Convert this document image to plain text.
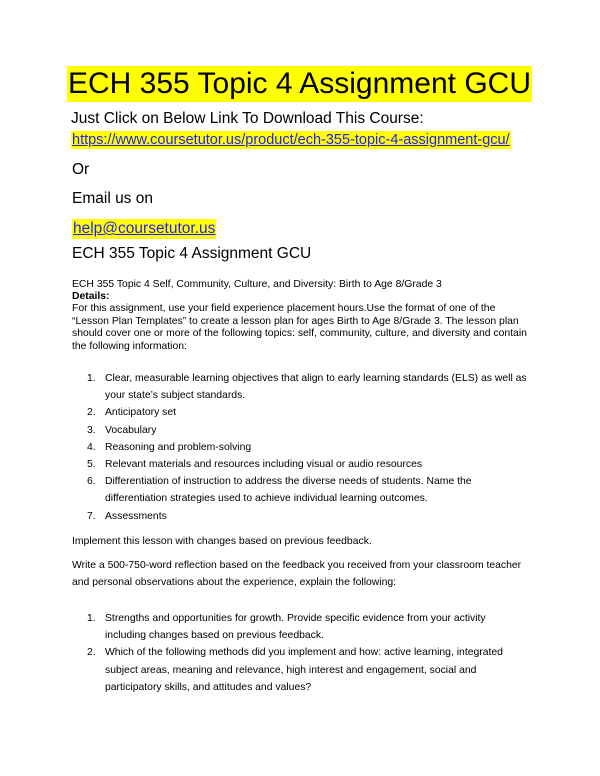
ECH 355 Topic 4 Assignment GCU
Just Click on Below Link To Download This Course:
https://www.coursetutor.us/product/ech-355-topic-4-assignment-gcu/
Or
Email us on
help@coursetutor.us
ECH 355 Topic 4 Assignment GCU
ECH 355 Topic 4 Self, Community, Culture, and Diversity: Birth to Age 8/Grade 3
Details:
For this assignment, use your field experience placement hours.Use the format of one of the “Lesson Plan Templates” to create a lesson plan for ages Birth to Age 8/Grade 3. The lesson plan should cover one or more of the following topics: self, community, culture, and diversity and contain the following information:
1. Clear, measurable learning objectives that align to early learning standards (ELS) as well as your state’s subject standards.
2. Anticipatory set
3. Vocabulary
4. Reasoning and problem-solving
5. Relevant materials and resources including visual or audio resources
6. Differentiation of instruction to address the diverse needs of students. Name the differentiation strategies used to achieve individual learning outcomes.
7. Assessments
Implement this lesson with changes based on previous feedback.
Write a 500-750-word reflection based on the feedback you received from your classroom teacher and personal observations about the experience, explain the following:
1. Strengths and opportunities for growth. Provide specific evidence from your activity including changes based on previous feedback.
2. Which of the following methods did you implement and how: active learning, integrated subject areas, meaning and relevance, high interest and engagement, social and participatory skills, and attitudes and values?
